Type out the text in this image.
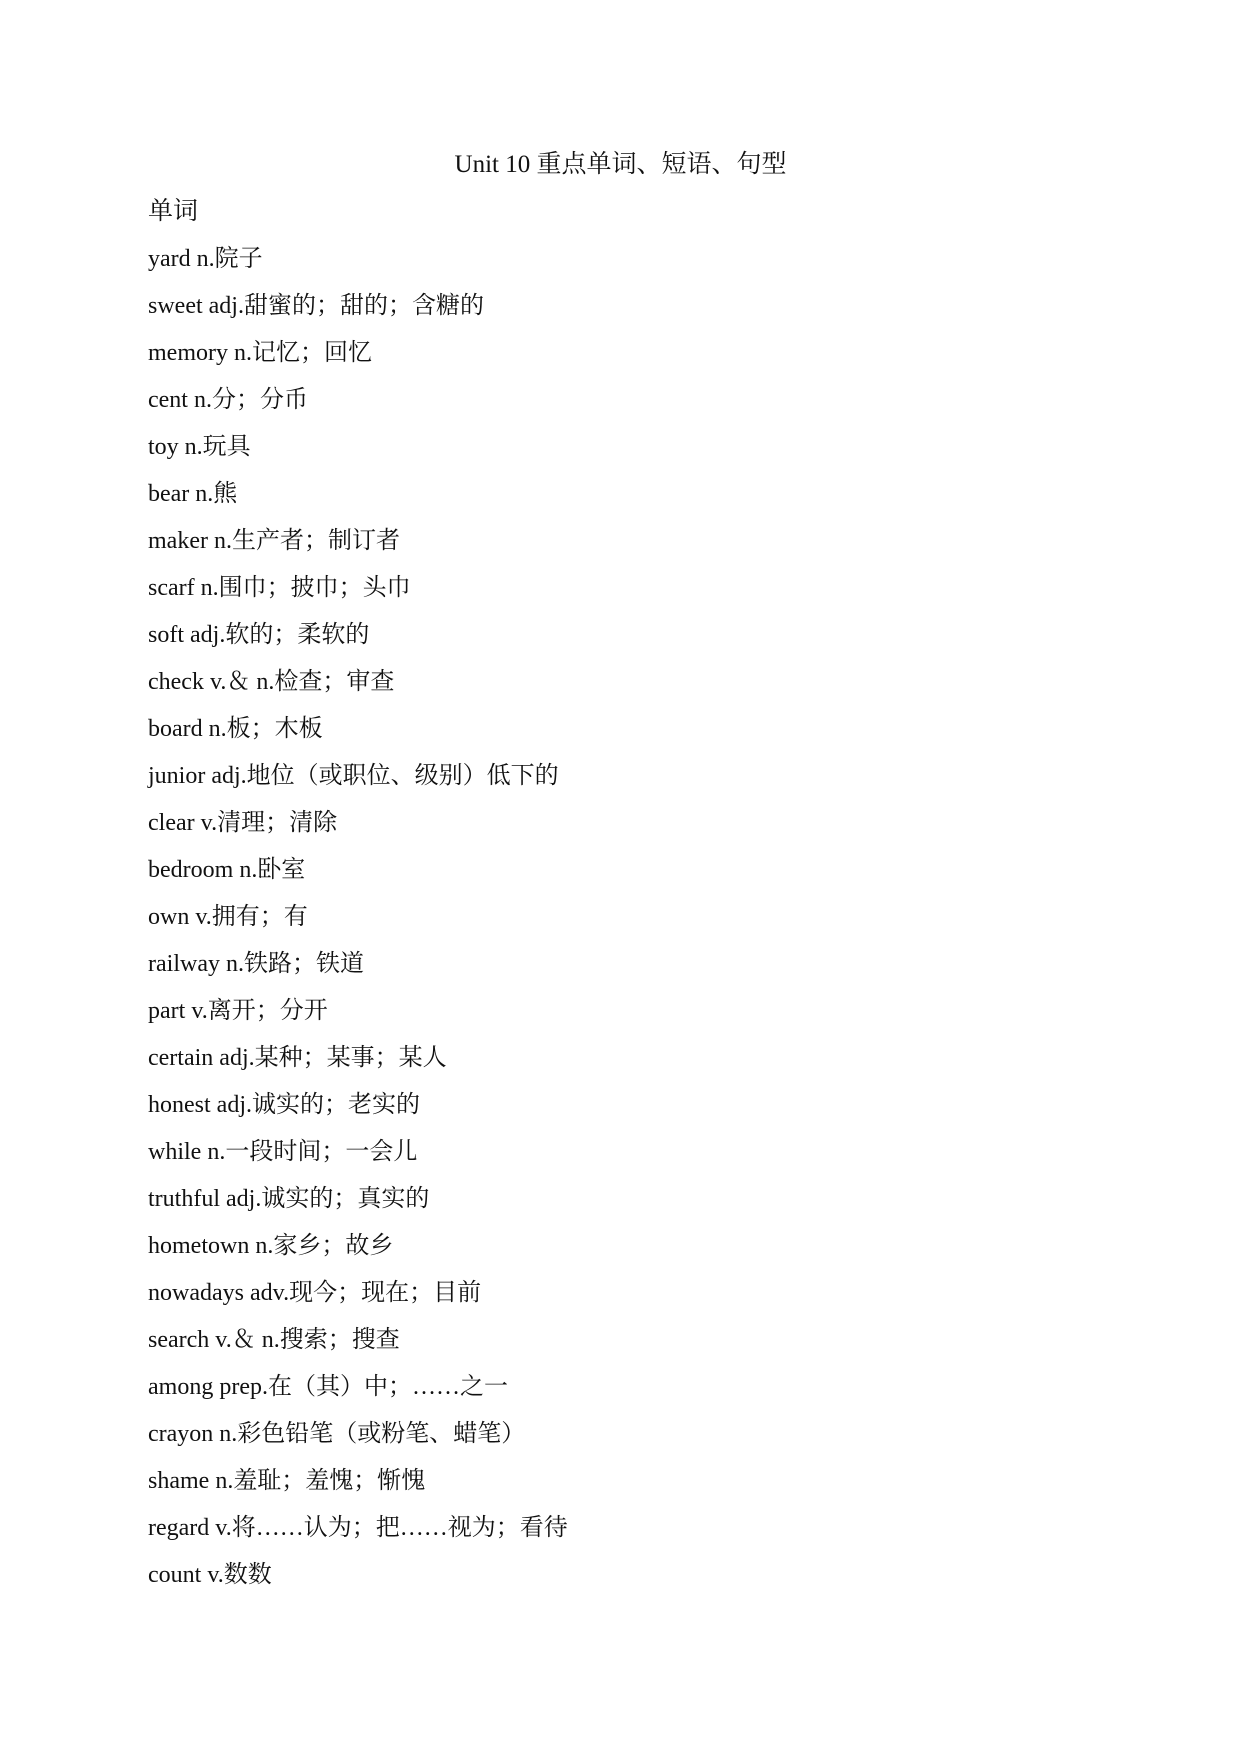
Unit 10 重点单词、短语、句型
单词
yard n.院子
sweet adj.甜蜜的；甜的；含糖的
memory n.记忆；回忆
cent n.分；分币
toy n.玩具
bear n.熊
maker n.生产者；制订者
scarf n.围巾；披巾；头巾
soft adj.软的；柔软的
check v.＆ n.检查；审查
board n.板；木板
junior adj.地位（或职位、级别）低下的
clear v.清理；清除
bedroom n.卧室
own v.拥有；有
railway n.铁路；铁道
part v.离开；分开
certain adj.某种；某事；某人
honest adj.诚实的；老实的
while n.一段时间；一会儿
truthful adj.诚实的；真实的
hometown n.家乡；故乡
nowadays adv.现今；现在；目前
search v.＆ n.搜索；搜查
among prep.在（其）中；……之一
crayon n.彩色铅笔（或粉笔、蜡笔）
shame n.羞耻；羞愧；惭愧
regard v.将……认为；把……视为；看待
count v.数数
